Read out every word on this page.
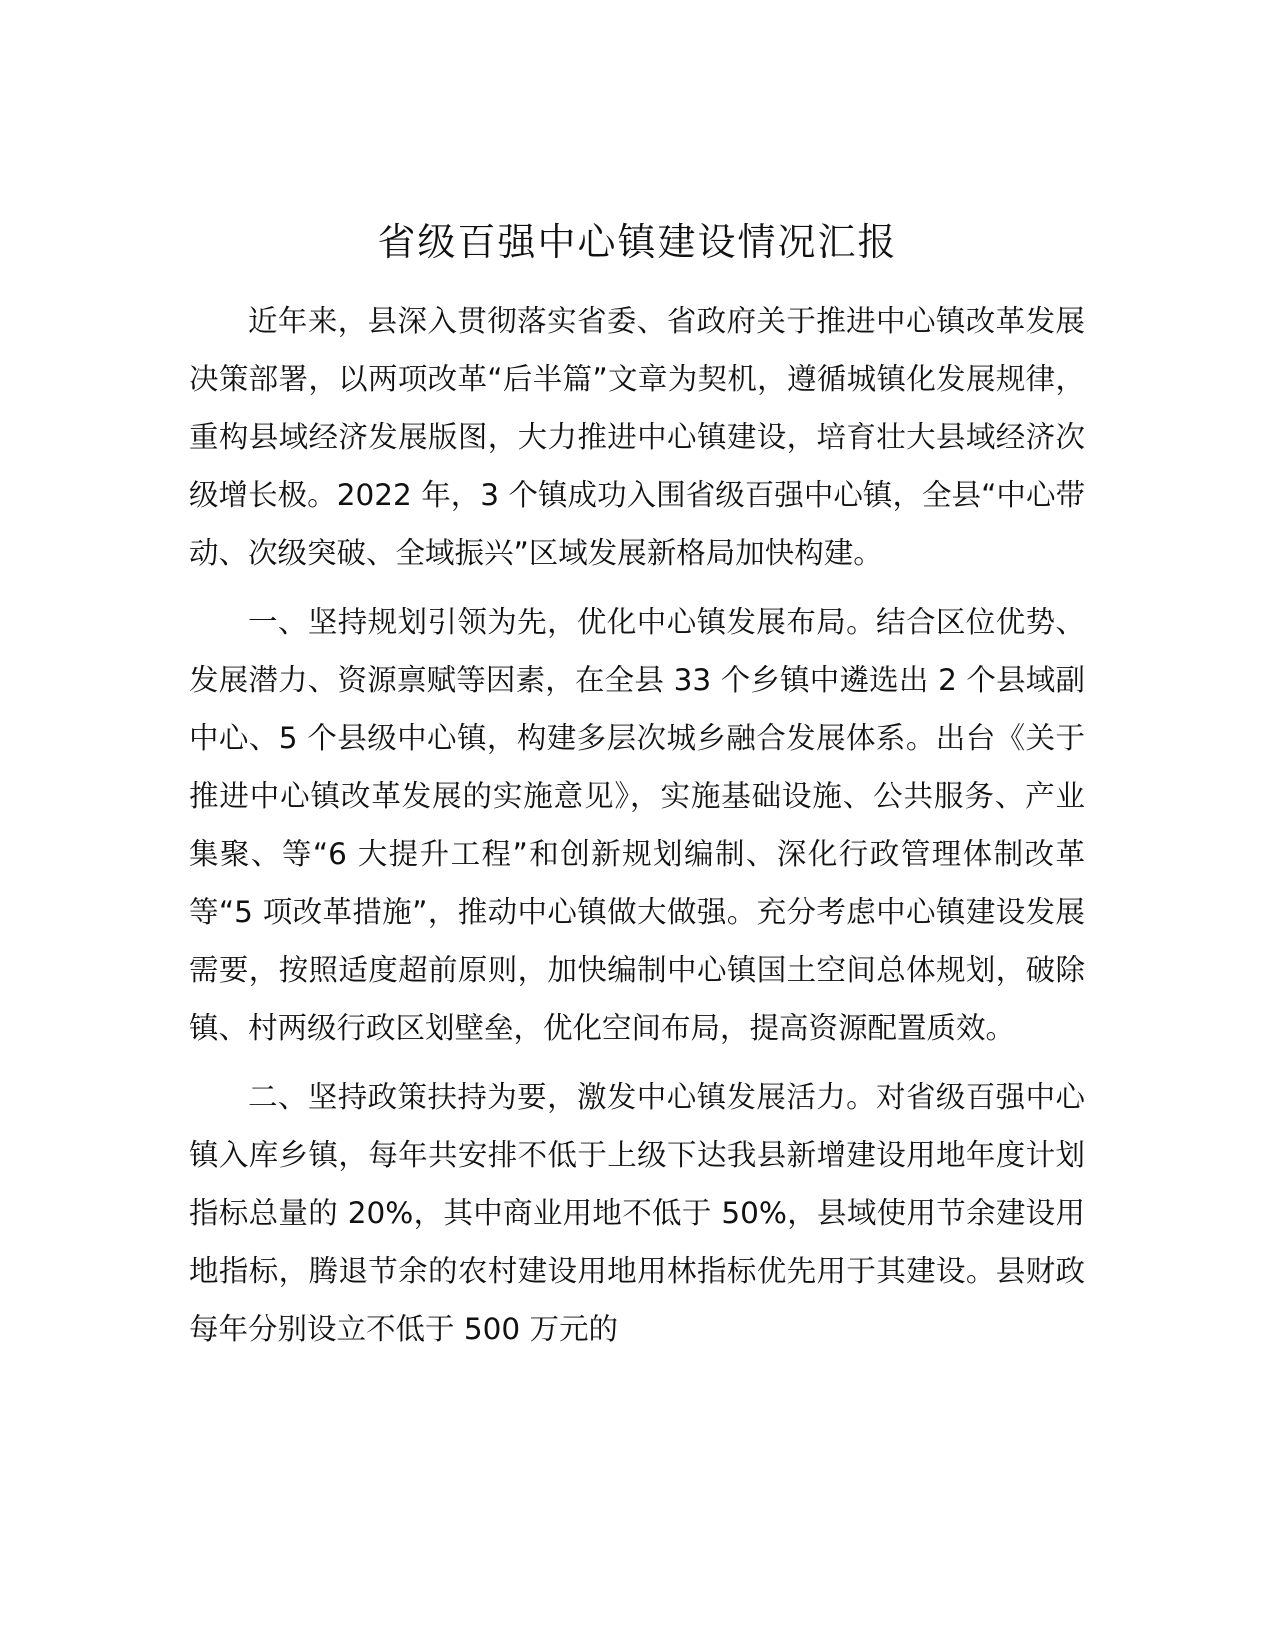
省级百强中心镇建设情况汇报

近年来，县深入贯彻落实省委、省政府关于推进中心镇改革发展决策部署，以两项改革“后半篇”文章为契机，遵循城镇化发展规律，重构县域经济发展版图，大力推进中心镇建设，培育壮大县域经济次级增长极。2022 年，3 个镇成功入围省级百强中心镇，全县“中心带动、次级突破、全域振兴”区域发展新格局加快构建。

一、坚持规划引领为先，优化中心镇发展布局。结合区位优势、发展潜力、资源禀赋等因素，在全县 33 个乡镇中遴选出 2 个县域副中心、5 个县级中心镇，构建多层次城乡融合发展体系。出台《关于推进中心镇改革发展的实施意见》，实施基础设施、公共服务、产业集聚、等“6 大提升工程”和创新规划编制、深化行政管理体制改革等“5 项改革措施”，推动中心镇做大做强。充分考虑中心镇建设发展需要，按照适度超前原则，加快编制中心镇国土空间总体规划，破除镇、村两级行政区划壁垒，优化空间布局，提高资源配置质效。

二、坚持政策扶持为要，激发中心镇发展活力。对省级百强中心镇入库乡镇，每年共安排不低于上级下达我县新增建设用地年度计划指标总量的 20%，其中商业用地不低于 50%，县域使用节余建设用地指标，腾退节余的农村建设用地用林指标优先用于其建设。县财政每年分别设立不低于 500 万元的
